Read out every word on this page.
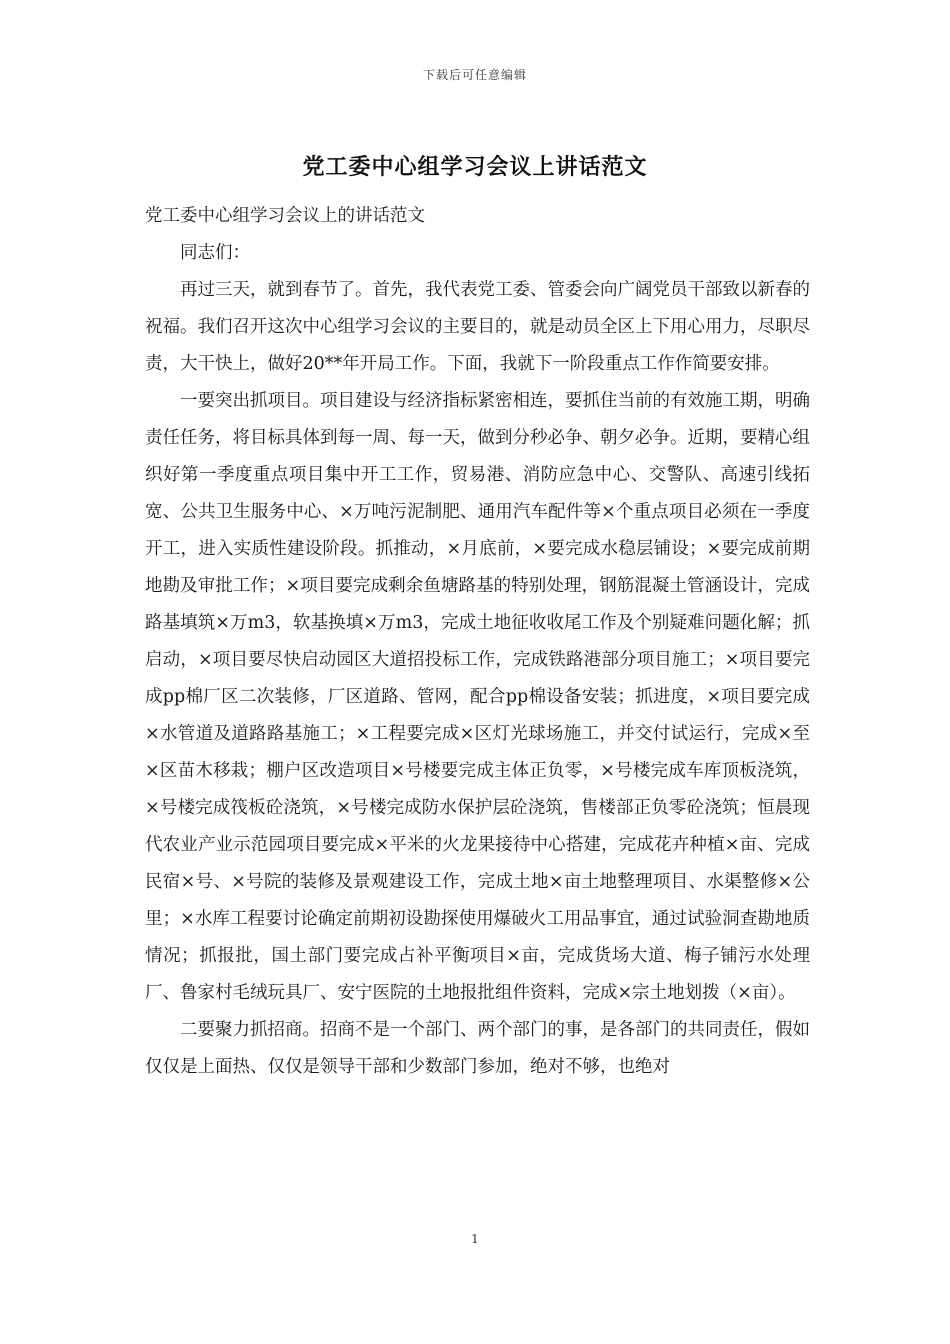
下载后可任意编辑
党工委中心组学习会议上讲话范文

党工委中心组学习会议上的讲话范文

同志们：

再过三天，就到春节了。首先，我代表党工委、管委会向广阔党员干部致以新春的祝福。我们召开这次中心组学习会议的主要目的，就是动员全区上下用心用力，尽职尽责，大干快上，做好20**年开局工作。下面，我就下一阶段重点工作作简要安排。

一要突出抓项目。项目建设与经济指标紧密相连，要抓住当前的有效施工期，明确责任任务，将目标具体到每一周、每一天，做到分秒必争、朝夕必争。近期，要精心组织好第一季度重点项目集中开工工作，贸易港、消防应急中心、交警队、高速引线拓宽、公共卫生服务中心、×万吨污泥制肥、通用汽车配件等×个重点项目必须在一季度开工，进入实质性建设阶段。抓推动，×月底前，×要完成水稳层铺设；×要完成前期地勘及审批工作；×项目要完成剩余鱼塘路基的特别处理，钢筋混凝土管涵设计，完成路基填筑×万m3，软基换填×万m3，完成土地征收收尾工作及个别疑难问题化解；抓启动，×项目要尽快启动园区大道招投标工作，完成铁路港部分项目施工；×项目要完成pp棉厂区二次装修，厂区道路、管网，配合pp棉设备安装；抓进度，×项目要完成×水管道及道路路基施工；×工程要完成×区灯光球场施工，并交付试运行，完成×至×区苗木移栽；棚户区改造项目×号楼要完成主体正负零，×号楼完成车库顶板浇筑，×号楼完成筏板砼浇筑，×号楼完成防水保护层砼浇筑，售楼部正负零砼浇筑；恒晨现代农业产业示范园项目要完成×平米的火龙果接待中心搭建，完成花卉种植×亩、完成民宿×号、×号院的装修及景观建设工作，完成土地×亩土地整理项目、水渠整修×公里；×水库工程要讨论确定前期初设勘探使用爆破火工用品事宜，通过试验洞查勘地质情况；抓报批，国土部门要完成占补平衡项目×亩，完成货场大道、梅子铺污水处理厂、鲁家村毛绒玩具厂、安宁医院的土地报批组件资料，完成×宗土地划拨（×亩）。

二要聚力抓招商。招商不是一个部门、两个部门的事，是各部门的共同责任，假如仅仅是上面热、仅仅是领导干部和少数部门参加，绝对不够，也绝对

1
